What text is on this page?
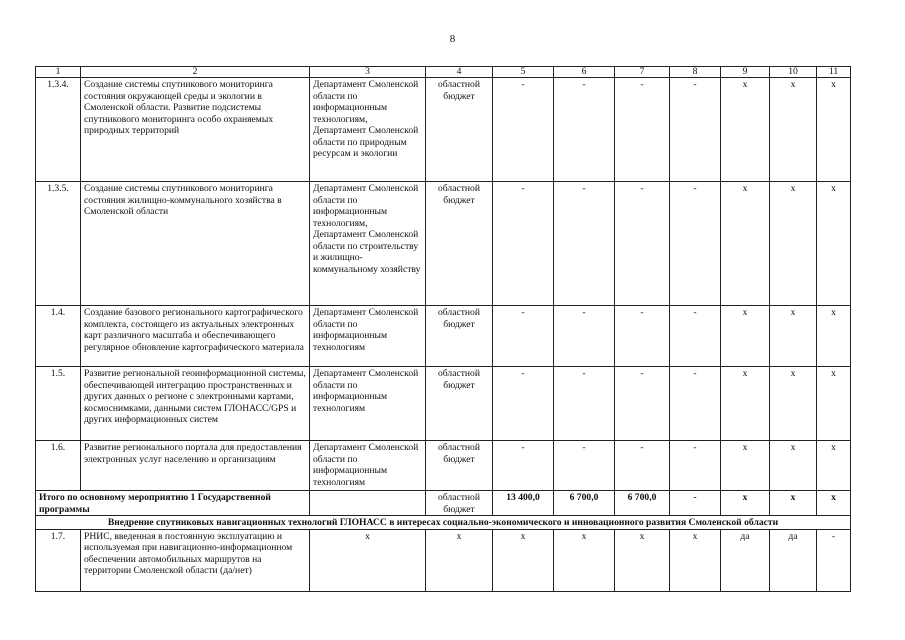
8
1	2	3	4	5	6	7	8	9	10	11
1.3.4.	Создание системы спутникового мониторинга состояния окружающей среды и экологии в Смоленской области. Развитие подсистемы спутникового мониторинга особо охраняемых природных территорий	Департамент Смоленской области по информационным технологиям, Департамент Смоленской области по природным ресурсам и экологии	областной бюджет	-	-	-	-	x	x	x
1.3.5.	Создание системы спутникового мониторинга состояния жилищно-коммунального хозяйства в Смоленской области	Департамент Смоленской области по информационным технологиям, Департамент Смоленской области по строительству и жилищно-коммунальному хозяйству	областной бюджет	-	-	-	-	x	x	x
1.4.	Создание базового регионального картографического комплекта, состоящего из актуальных электронных карт различного масштаба и обеспечивающего регулярное обновление картографического материала	Департамент Смоленской области по информационным технологиям	областной бюджет	-	-	-	-	x	x	x
1.5.	Развитие региональной геоинформационной системы, обеспечивающей интеграцию пространственных и других данных о регионе с электронными картами, космоснимками, данными систем ГЛОНАСС/GPS и других информационных систем	Департамент Смоленской области по информационным технологиям	областной бюджет	-	-	-	-	x	x	x
1.6.	Развитие регионального портала для предоставления электронных услуг населению и организациям	Департамент Смоленской области по информационным технологиям	областной бюджет	-	-	-	-	x	x	x
Итого по основному мероприятию 1 Государственной программы			областной бюджет	13 400,0	6 700,0	6 700,0	-	x	x	x
Внедрение спутниковых навигационных технологий ГЛОНАСС в интересах социально-экономического и инновационного развития Смоленской области										
1.7.	РНИС, введенная в постоянную эксплуатацию и используемая при навигационно-информационном обеспечении автомобильных маршрутов на территории Смоленской области (да/нет)	x	x	x	x	x	x	да	да	-
